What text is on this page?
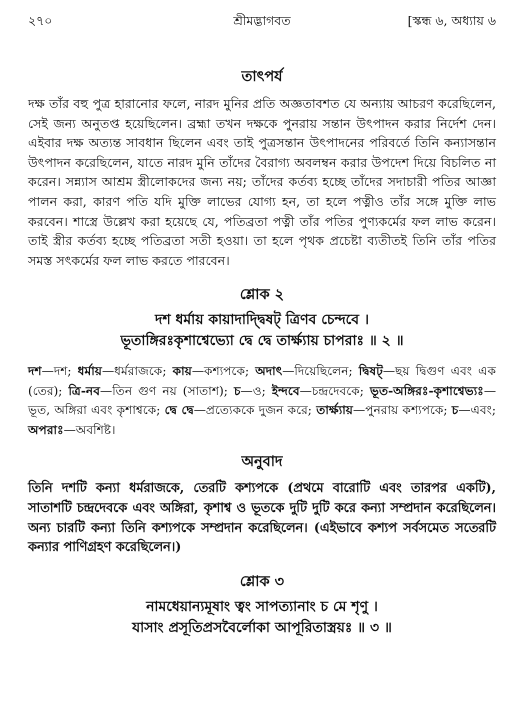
২৭০	শ্রীমদ্ভাগবত	[স্কন্ধ ৬, অধ্যায় ৬
তাৎপর্য

দক্ষ তাঁর বহু পুত্র হারানোর ফলে, নারদ মুনির প্রতি অজ্ঞতাবশত যে অন্যায় আচরণ করেছিলেন, সেই জন্য অনুতপ্ত হয়েছিলেন। ব্রহ্মা তখন দক্ষকে পুনরায় সন্তান উৎপাদন করার নির্দেশ দেন। এইবার দক্ষ অত্যন্ত সাবধান ছিলেন এবং তাই পুত্রসন্তান উৎপাদনের পরিবর্তে তিনি কন্যাসন্তান উৎপাদন করেছিলেন, যাতে নারদ মুনি তাঁদের বৈরাগ্য অবলম্বন করার উপদেশ দিয়ে বিচলিত না করেন। সন্ন্যাস আশ্রম স্ত্রীলোকদের জন্য নয়; তাঁদের কর্তব্য হচ্ছে তাঁদের সদাচারী পতির আজ্ঞা পালন করা, কারণ পতি যদি মুক্তি লাভের যোগ্য হন, তা হলে পত্নীও তাঁর সঙ্গে মুক্তি লাভ করবেন। শাস্ত্রে উল্লেখ করা হয়েছে যে, পতিব্রতা পত্নী তাঁর পতির পুণ্যকর্মের ফল লাভ করেন। তাই স্ত্রীর কর্তব্য হচ্ছে পতিব্রতা সতী হওয়া। তা হলে পৃথক প্রচেষ্টা ব্যতীতই তিনি তাঁর পতির সমস্ত সৎকর্মের ফল লাভ করতে পারবেন।

শ্লোক ২
দশ ধর্মায় কায়াদাদ্দ্বিষট্ ত্রিণব চেন্দবে ।
ভূতাঙ্গিরঃকৃশাশ্বেভ্যো দ্বে দ্বে তার্ক্ষ্যায় চাপরাঃ ॥ ২ ॥

দশ—দশ; ধর্মায়—ধর্মরাজকে; কায়—কশ্যপকে; অদাৎ—দিয়েছিলেন; দ্বিষট্—ছয় দ্বিগুণ এবং এক (তের); ত্রি-নব—তিন গুণ নয় (সাতাশ); চ—ও; ইন্দবে—চন্দ্রদেবকে; ভূত-অঙ্গিরঃ-কৃশাশ্বেভ্যঃ—ভূত, অঙ্গিরা এবং কৃশাশ্বকে; দ্বে দ্বে—প্রত্যেককে দুজন করে; তার্ক্ষ্যায়—পুনরায় কশ্যপকে; চ—এবং; অপরাঃ—অবশিষ্ট।

অনুবাদ

তিনি দশটি কন্যা ধর্মরাজকে, তেরটি কশ্যপকে (প্রথমে বারোটি এবং তারপর একটি), সাতাশটি চন্দ্রদেবকে এবং অঙ্গিরা, কৃশাশ্ব ও ভূতকে দুটি দুটি করে কন্যা সম্প্রদান করেছিলেন। অন্য চারটি কন্যা তিনি কশ্যপকে সম্প্রদান করেছিলেন। (এইভাবে কশ্যপ সর্বসমেত সতেরটি কন্যার পাণিগ্রহণ করেছিলেন।)

শ্লোক ৩
নামধেয়ান্যমূষাং ত্বং সাপত্যানাং চ মে শৃণু ।
যাসাং প্রসূতিপ্রসবৈর্লোকা আপূরিতাস্ত্রয়ঃ ॥ ৩ ॥
